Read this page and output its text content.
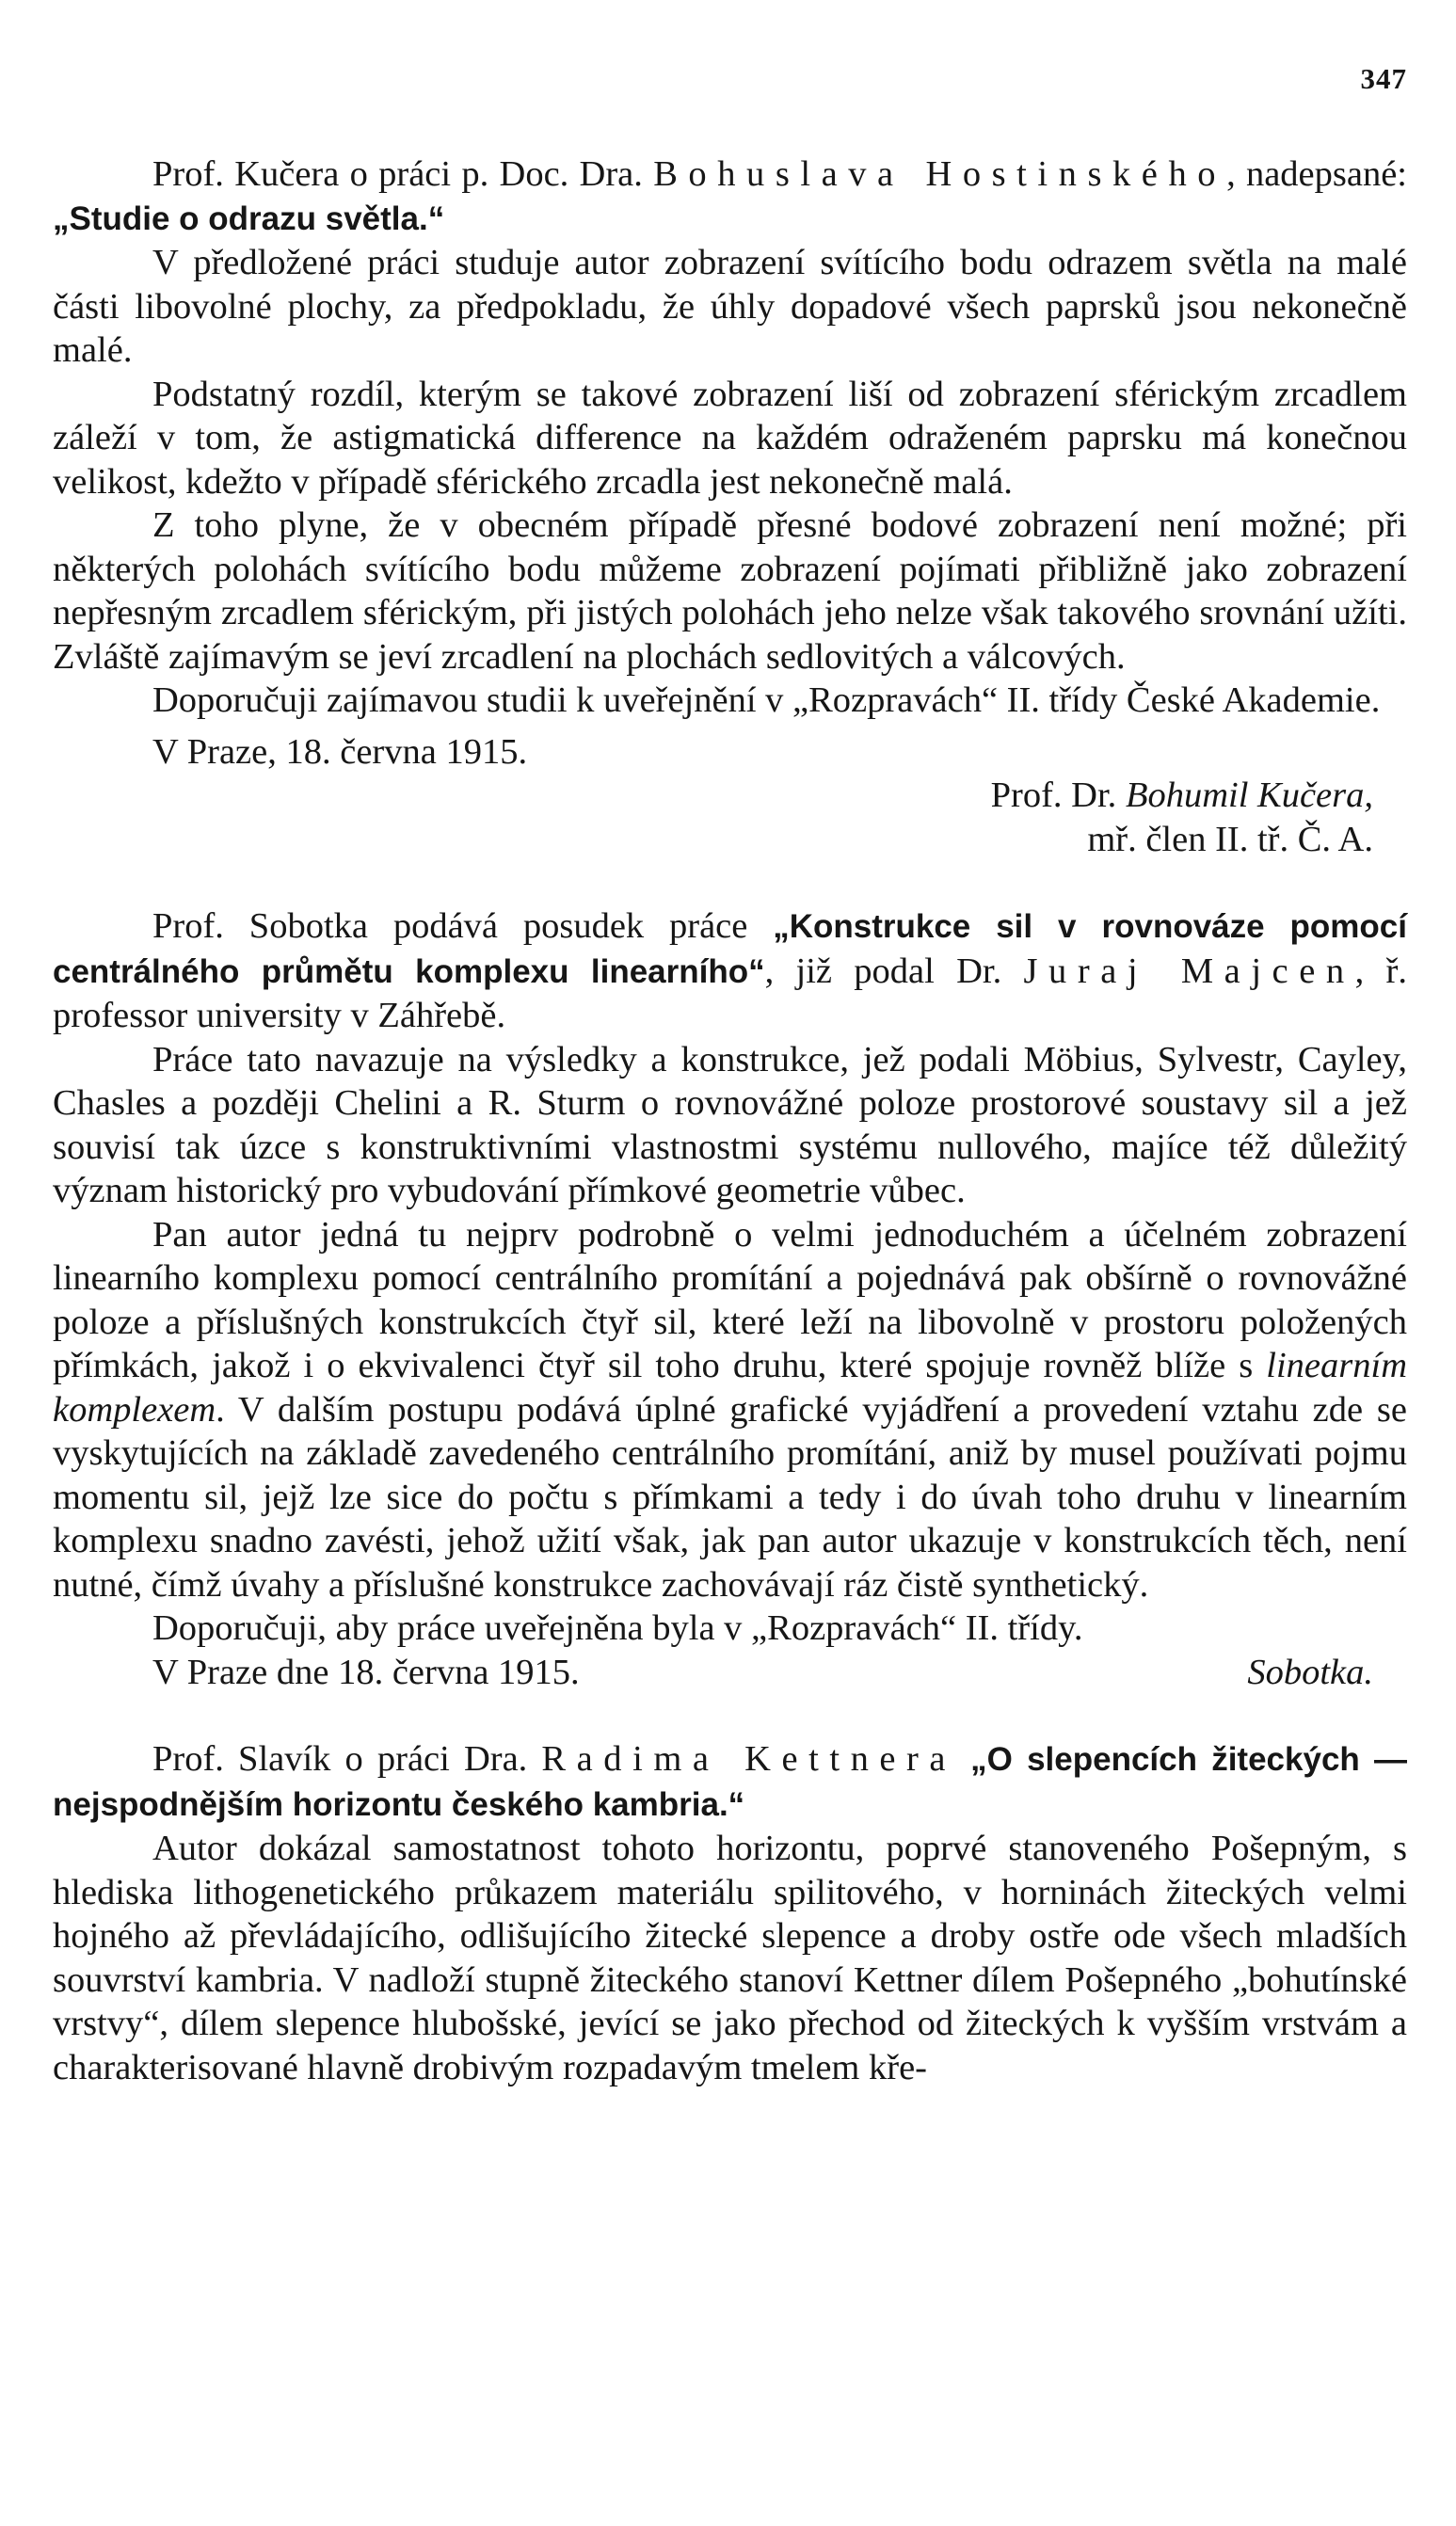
347

Prof. Kučera o práci p. Doc. Dra. Bohuslava Hostinského, nadepsané: „Studie o odrazu světla.“

V předložené práci studuje autor zobrazení svítícího bodu odrazem světla na malé části libovolné plochy, za předpokladu, že úhly dopadové všech paprsků jsou nekonečně malé.

Podstatný rozdíl, kterým se takové zobrazení liší od zobrazení sférickým zrcadlem záleží v tom, že astigmatická difference na každém odraženém paprsku má konečnou velikost, kdežto v případě sférického zrcadla jest nekonečně malá.

Z toho plyne, že v obecném případě přesné bodové zobrazení není možné; při některých polohách svítícího bodu můžeme zobrazení pojímati přibližně jako zobrazení nepřesným zrcadlem sférickým, při jistých polohách jeho nelze však takového srovnání užíti. Zvláště zajímavým se jeví zrcadlení na plochách sedlovitých a válcových.

Doporučuji zajímavou studii k uveřejnění v „Rozpravách“ II. třídy České Akademie.

V Praze, 18. června 1915.

Prof. Dr. Bohumil Kučera,

mř. člen II. tř. Č. A.

Prof. Sobotka podává posudek práce „Konstrukce sil v rovnováze pomocí centrálného průmětu komplexu linearního“, již podal Dr. Juraj Majcen, ř. professor university v Záhřebě.

Práce tato navazuje na výsledky a konstrukce, jež podali Möbius, Sylvestr, Cayley, Chasles a později Chelini a R. Sturm o rovnovážné poloze prostorové soustavy sil a jež souvisí tak úzce s konstruktivními vlastnostmi systému nullového, majíce též důležitý význam historický pro vybudování přímkové geometrie vůbec.

Pan autor jedná tu nejprv podrobně o velmi jednoduchém a účelném zobrazení linearního komplexu pomocí centrálního promítání a pojednává pak obšírně o rovnovážné poloze a příslušných konstrukcích čtyř sil, které leží na libovolně v prostoru položených přímkách, jakož i o ekvivalenci čtyř sil toho druhu, které spojuje rovněž blíže s linearním komplexem. V dalším postupu podává úplné grafické vyjádření a provedení vztahu zde se vyskytujících na základě zavedeného centrálního promítání, aniž by musel používati pojmu momentu sil, jejž lze sice do počtu s přímkami a tedy i do úvah toho druhu v linearním komplexu snadno zavésti, jehož užití však, jak pan autor ukazuje v konstrukcích těch, není nutné, čímž úvahy a příslušné konstrukce zachovávají ráz čistě synthetický.

Doporučuji, aby práce uveřejněna byla v „Rozpravách“ II. třídy.

V Praze dne 18. června 1915.	Sobotka.

Prof. Slavík o práci Dra. Radima Kettnera „O slepencích žiteckých — nejspodnějším horizontu českého kambria.“

Autor dokázal samostatnost tohoto horizontu, poprvé stanoveného Pošepným, s hlediska lithogenetického průkazem materiálu spilitového, v horninách žiteckých velmi hojného až převládajícího, odlišujícího žitecké slepence a droby ostře ode všech mladších souvrství kambria. V nadloží stupně žiteckého stanoví Kettner dílem Pošepného „bohutínské vrstvy“, dílem slepence hlubošské, jevící se jako přechod od žiteckých k vyšším vrstvám a charakterisované hlavně drobivým rozpadavým tmelem kře-
